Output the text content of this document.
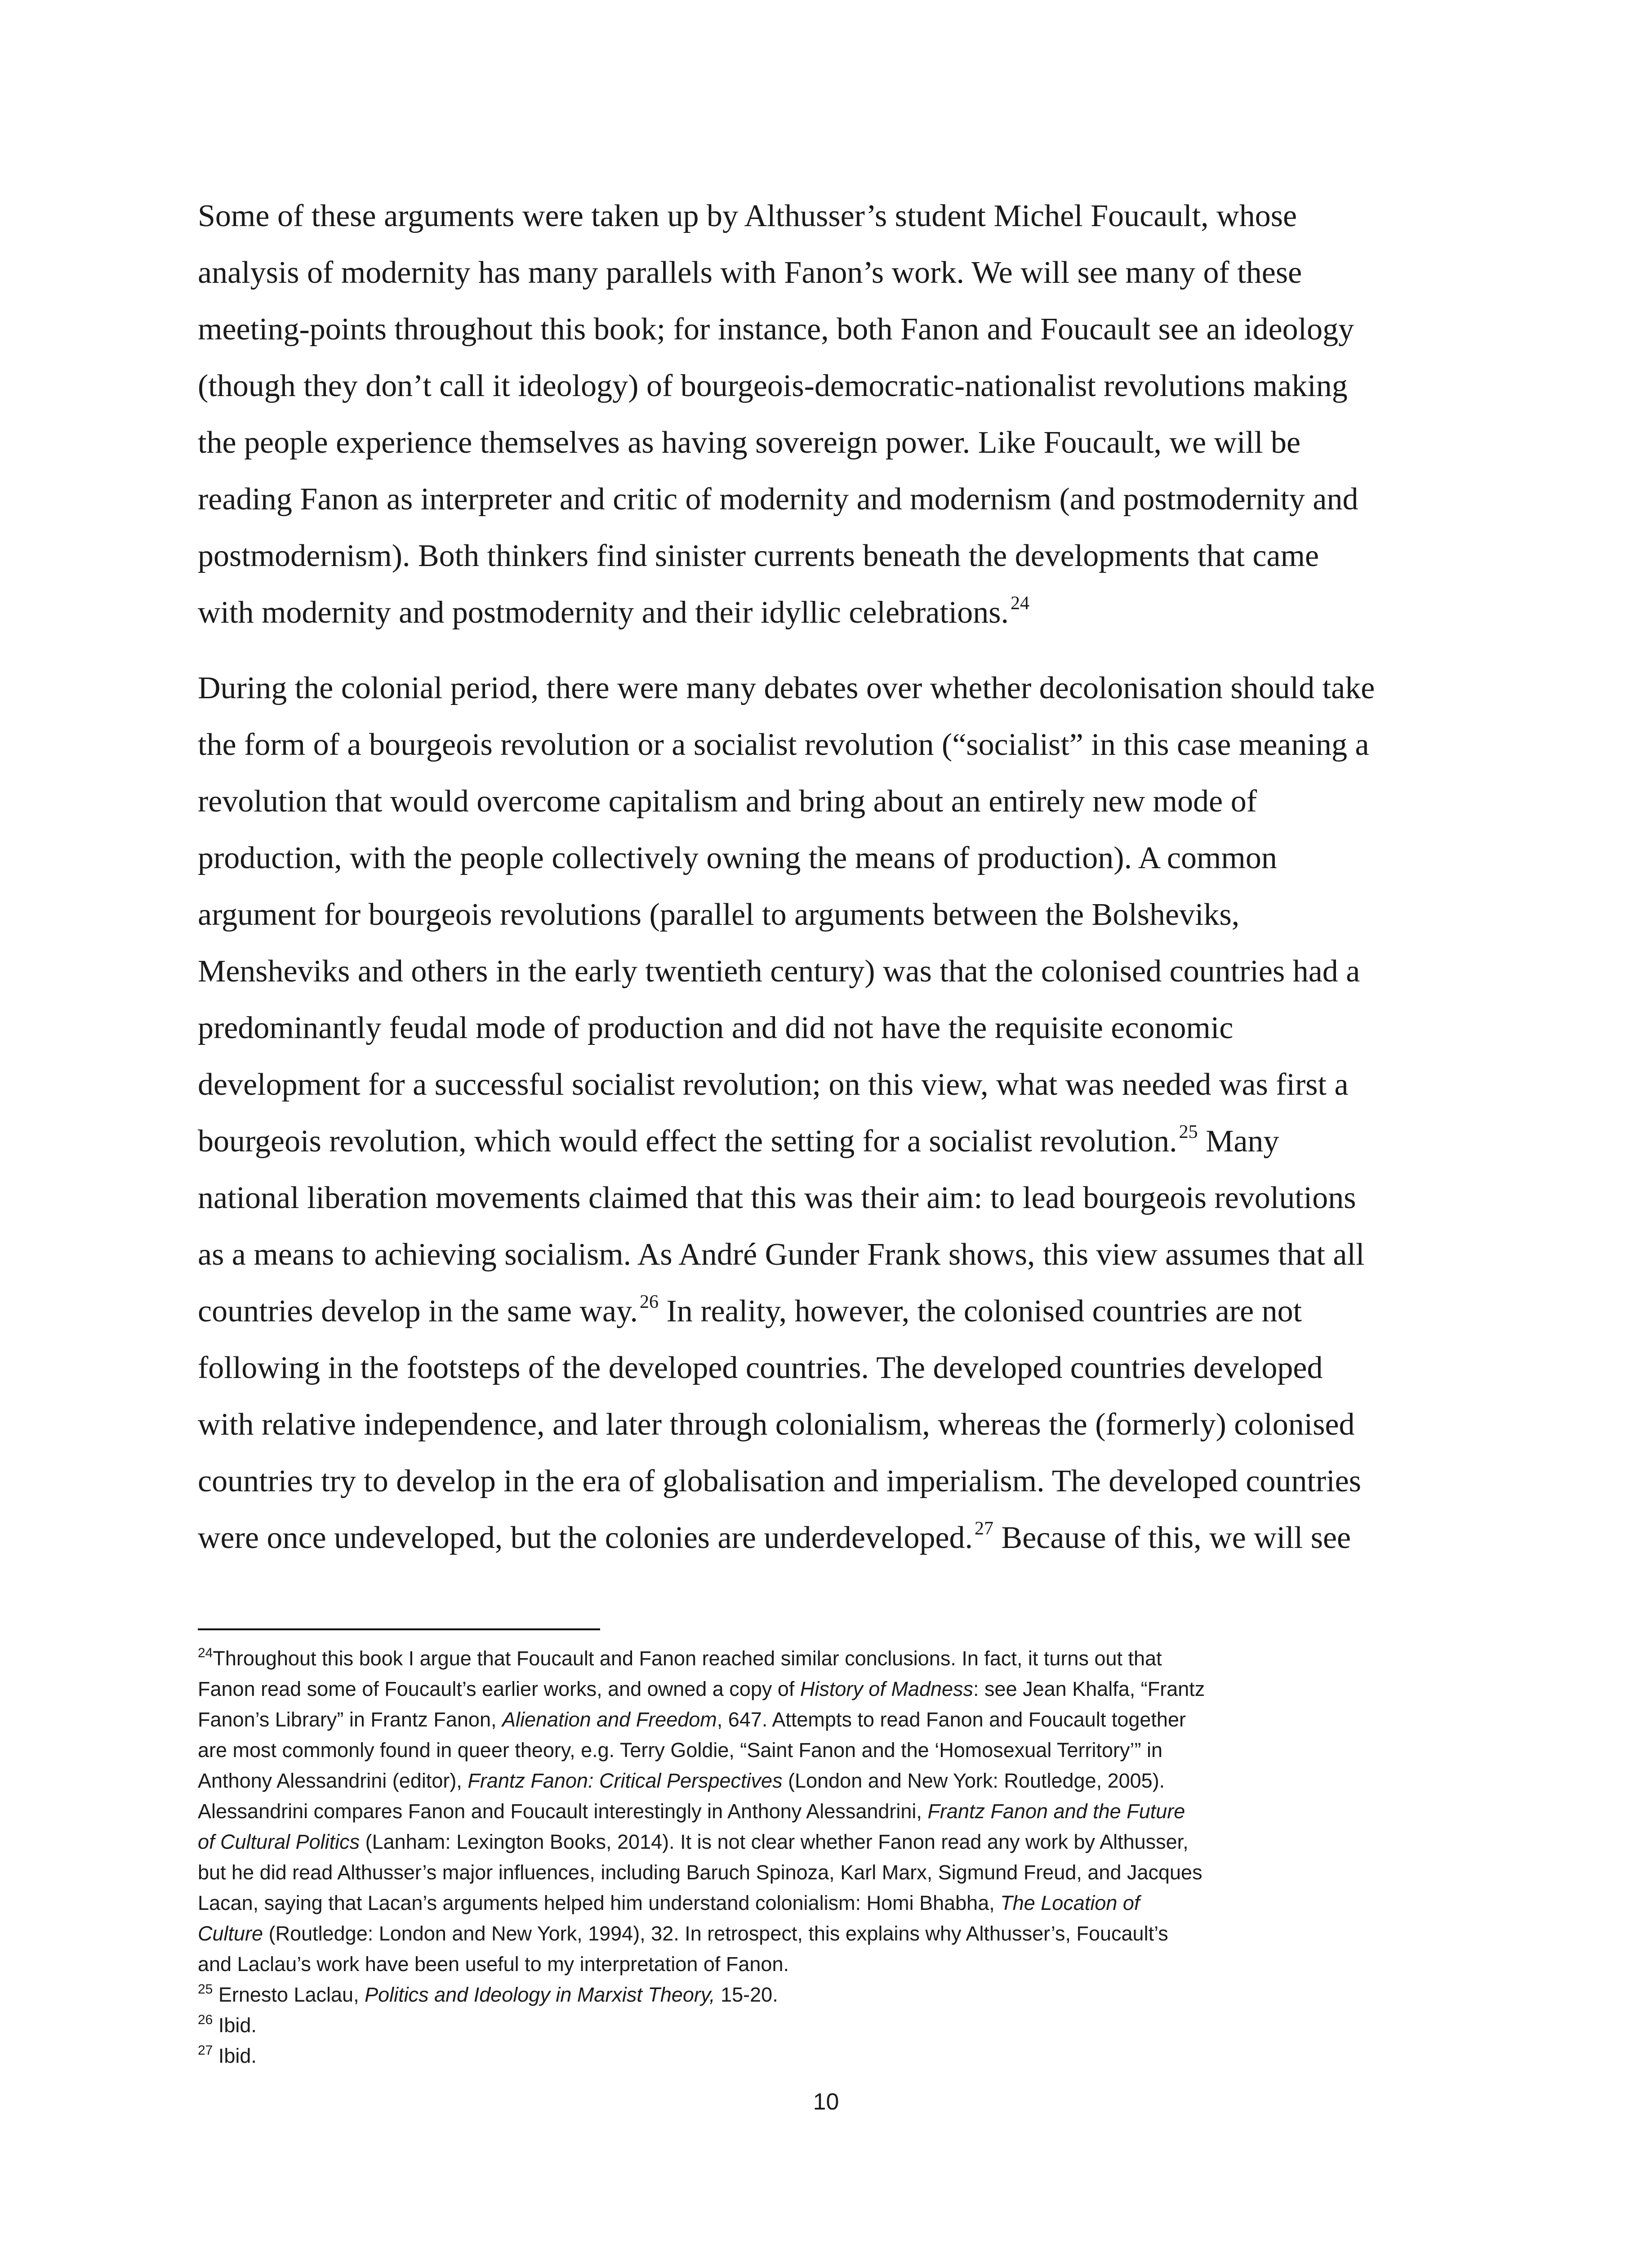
Some of these arguments were taken up by Althusser’s student Michel Foucault, whose
analysis of modernity has many parallels with Fanon’s work. We will see many of these
meeting-points throughout this book; for instance, both Fanon and Foucault see an ideology
(though they don’t call it ideology) of bourgeois-democratic-nationalist revolutions making
the people experience themselves as having sovereign power. Like Foucault, we will be
reading Fanon as interpreter and critic of modernity and modernism (and postmodernity and
postmodernism). Both thinkers find sinister currents beneath the developments that came
with modernity and postmodernity and their idyllic celebrations.$^{24}$

During the colonial period, there were many debates over whether decolonisation should take
the form of a bourgeois revolution or a socialist revolution (“socialist” in this case meaning a
revolution that would overcome capitalism and bring about an entirely new mode of
production, with the people collectively owning the means of production). A common
argument for bourgeois revolutions (parallel to arguments between the Bolsheviks,
Mensheviks and others in the early twentieth century) was that the colonised countries had a
predominantly feudal mode of production and did not have the requisite economic
development for a successful socialist revolution; on this view, what was needed was first a
bourgeois revolution, which would effect the setting for a socialist revolution.$^{25}$ Many
national liberation movements claimed that this was their aim: to lead bourgeois revolutions
as a means to achieving socialism. As André Gunder Frank shows, this view assumes that all
countries develop in the same way.$^{26}$ In reality, however, the colonised countries are not
following in the footsteps of the developed countries. The developed countries developed
with relative independence, and later through colonialism, whereas the (formerly) colonised
countries try to develop in the era of globalisation and imperialism. The developed countries
were once undeveloped, but the colonies are underdeveloped.$^{27}$ Because of this, we will see

$^{24}$Throughout this book I argue that Foucault and Fanon reached similar conclusions. In fact, it turns out that
Fanon read some of Foucault’s earlier works, and owned a copy of History of Madness: see Jean Khalfa, “Frantz
Fanon’s Library” in Frantz Fanon, Alienation and Freedom, 647. Attempts to read Fanon and Foucault together
are most commonly found in queer theory, e.g. Terry Goldie, “Saint Fanon and the ‘Homosexual Territory’” in
Anthony Alessandrini (editor), Frantz Fanon: Critical Perspectives (London and New York: Routledge, 2005).
Alessandrini compares Fanon and Foucault interestingly in Anthony Alessandrini, Frantz Fanon and the Future
of Cultural Politics (Lanham: Lexington Books, 2014). It is not clear whether Fanon read any work by Althusser,
but he did read Althusser’s major influences, including Baruch Spinoza, Karl Marx, Sigmund Freud, and Jacques
Lacan, saying that Lacan’s arguments helped him understand colonialism: Homi Bhabha, The Location of
Culture (Routledge: London and New York, 1994), 32. In retrospect, this explains why Althusser’s, Foucault’s
and Laclau’s work have been useful to my interpretation of Fanon.
$^{25}$ Ernesto Laclau, Politics and Ideology in Marxist Theory, 15-20.
$^{26}$ Ibid.
$^{27}$ Ibid.
10
